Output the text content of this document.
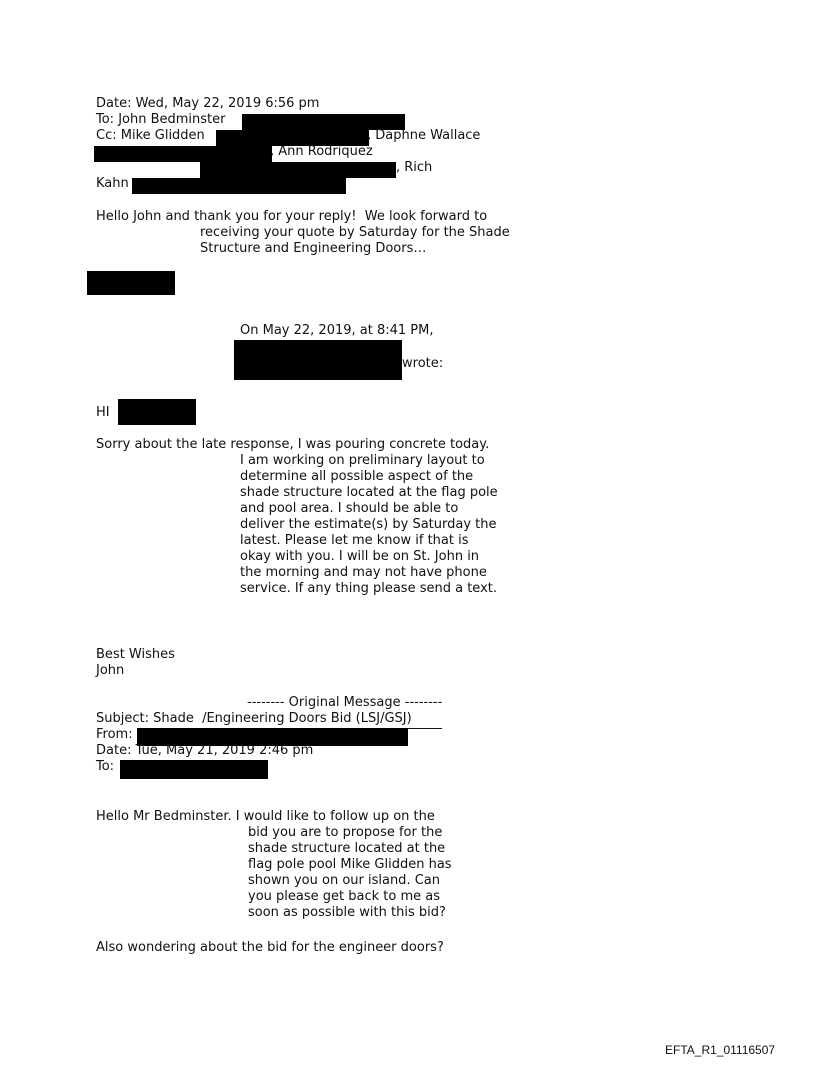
Date: Wed, May 22, 2019 6:56 pm
To: John Bedminster
Cc: Mike Glidden	, Daphne Wallace
, Ann Rodriquez
, Rich
Kahn
Hello John and thank you for your reply!  We look forward to
receiving your quote by Saturday for the Shade
Structure and Engineering Doors…
On May 22, 2019, at 8:41 PM,
wrote:
HI
Sorry about the late response, I was pouring concrete today.
I am working on preliminary layout to
determine all possible aspect of the
shade structure located at the flag pole
and pool area. I should be able to
deliver the estimate(s) by Saturday the
latest. Please let me know if that is
okay with you. I will be on St. John in
the morning and may not have phone
service. If any thing please send a text.
Best Wishes
John
-------- Original Message --------
Subject: Shade  /Engineering Doors Bid (LSJ/GSJ)
From:
Date: Tue, May 21, 2019 2:46 pm
To:
Hello Mr Bedminster. I would like to follow up on the
bid you are to propose for the
shade structure located at the
flag pole pool Mike Glidden has
shown you on our island. Can
you please get back to me as
soon as possible with this bid?
Also wondering about the bid for the engineer doors?
EFTA_R1_01116507
